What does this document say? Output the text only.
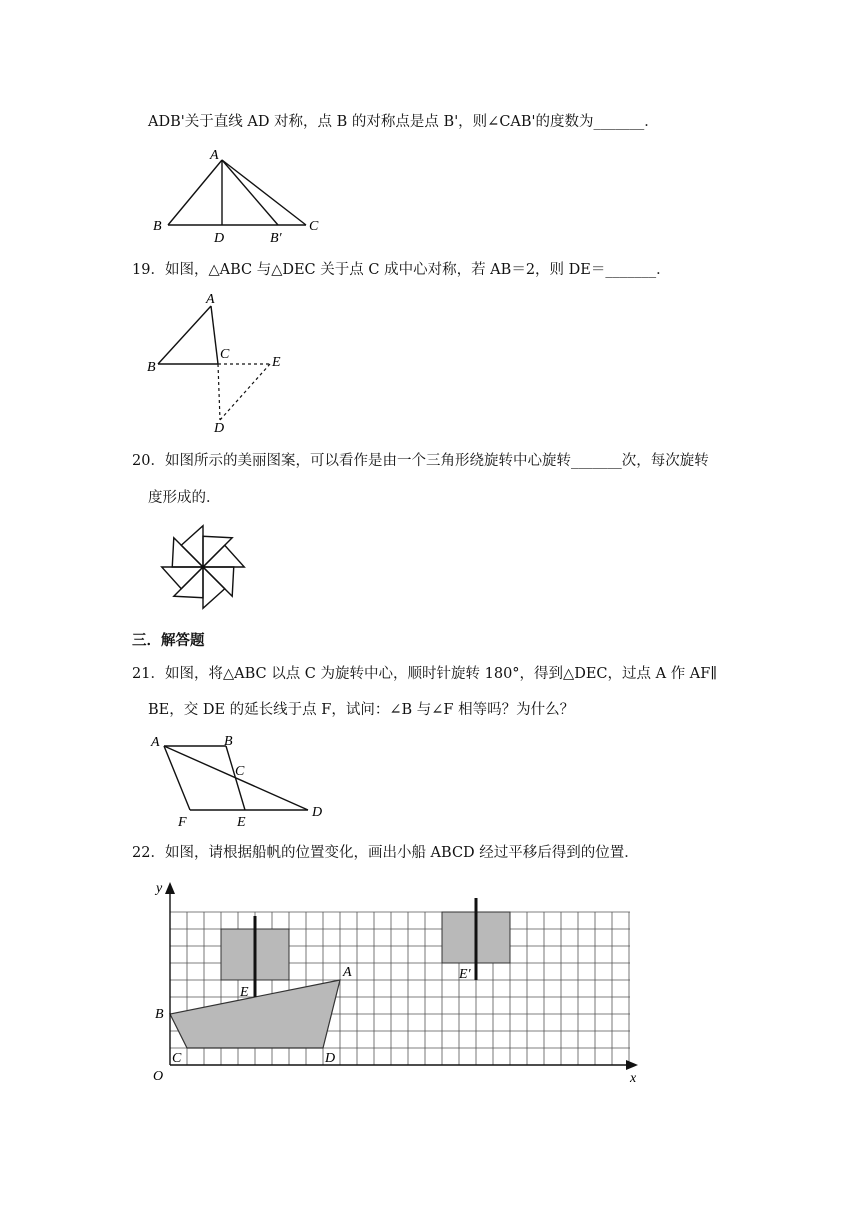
ADB'关于直线 AD 对称，点 B 的对称点是点 B'，则∠CAB'的度数为_______．
A
B
D	B′
C
19．如图，△ABC 与△DEC 关于点 C 成中心对称，若 AB＝2，则 DE＝_______．
A
B
C
E
D
20．如图所示的美丽图案，可以看作是由一个三角形绕旋转中心旋转_______次，每次旋转
度形成的．
三．解答题
21．如图，将△ABC 以点 C 为旋转中心，顺时针旋转 180°，得到△DEC，过点 A 作 AF∥
BE，交 DE 的延长线于点 F，试问：∠B 与∠F 相等吗？为什么？
A	B
C
D
F	E
22．如图，请根据船帆的位置变化，画出小船 ABCD 经过平移后得到的位置．
y
x
O
A
B
C	D
E
E′
